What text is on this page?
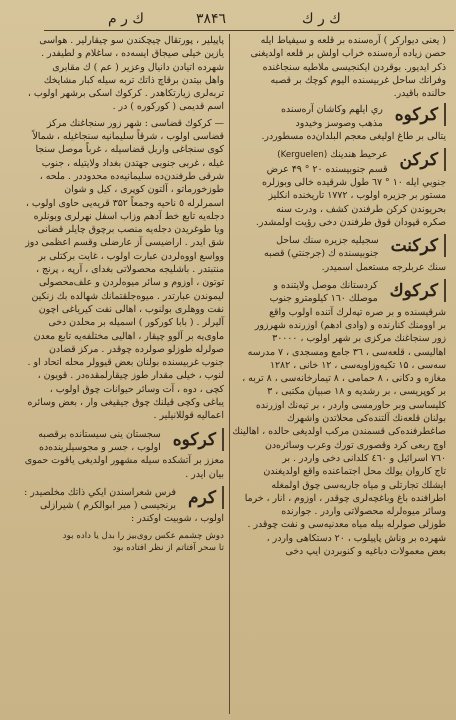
ك ر م	۳۸۴٦	ك ر ك
( يعنى ديواركر ) آرەسندە بر قلعه و سيفياط ايلە
حصن زياده آرەسندە خراب اولش بر قلعه اولديغنى
ذكر ايديور. بوقردن ايكنجيسى ملاطيه سنجاغنده
وفراتك ساحل غربيسنده اليوم كوچك بر قصبه
حالنده باقيدر.
كركوه
ري ايلهم وكاشان آرەسنده
مذهب وصوسز وخيدود
يتالى بر طاغ اوليغى معجم البلدان‌ده مسطوردر.
كركن
عرحيط هندينك (Kerguelen)
قسم جنوبيسنده ۲۰ ° ۴۹ عرض
جنوبي ايله ۱۰ ° ٦٧ طول شرقيده خالى وبوزلره
مستور بر جزيره اولوب ، ۱۷۷۲ تاريخنده انكليز
بحريوندن كركن طرفندن كشف ، ودرت سنه
صكره قپودان قوق طرفندن دخى رؤيت اولمشدر.
كركنت
سجيليه جزيره سنك ساحل
جنوبيسنده ك (جرجنتي) قصبه
سنك عربلرجه مستعمل اسميدر.
كركوك
كردستانك موصل ولايتنده و
موصلك ١٦٠ كيلومترو جنوب
شرقيسنده و بر صره تپه‌لرك آتنده اولوب واقع
بر اوومنك كنارنده و (وادى ادهم) اوزرنده شهرزور
زور سنجاغنك مركزى بر شهر اولوب ، ۳۰۰۰۰
اهاليسى ، قلعه‌سى ، ۳٦ جامع ومسجدى ، ۷ مدرسه
سه‌سى ، ۱۵ تكيه‌وزاويه‌سى ، ۱۲ خانى ، ۱۲۸۲
مغازه و دكانى ، ۸ حمامى ، ۸ تيمارخانه‌سى ، ۸ تربه ،
بر كوپريسى ، بر رشديه و ۱۸ صبيان مكتبى ، ۳
كليساسى وبر حاورمسى واردر ، بر تپه‌نك اوزرنده
بولنان قلعه‌نك آلتنده‌كى محلاتدن واشهرك
صاغطرفنده‌كى قسمندن مركب اولديغى حالده ، اهالينك
اوچ ربعى كرد وقصورى تورك وعرب وسائره‌دن
٧٦٠ اسرائيل و ٤٦٠ كلدانى دخى واردر . بر
تاج كاروان يولك محل اجتماعنده واقع اولديغندن
ايشلك تجارتلى و مياه جاريه‌سى چوق اولمغله
اطرافنده باغ وباغچه‌لرى چوقدر ، اوزوم ، انار ، خرما
وسائر ميوه‌لرله محصولاتى واردر . جوارنده
طوزلى صولرله بيله مياه معدنيه‌سى و نفت چوقدر .
شهرده بر وناش پاپيلوب ، ٢٠ دستكاهى واردر ،
بعض معمولات دباغيه و كنوبردن ايپ دخى
پاپيلير ، پورتقال چيچكندن سو چيقارلير . هواسى
يازين خيلى صيجاق ايسه‌ده ، ساغلام و لطيفدر .
شهرده اتيادن دانيال وعزير ( عم ) ك مقابرى
واهل بيتدن برقاچ ذاتك تربه سيله كبار مشايخك
تربه‌لرى زيارتكاهدر . كركوك اسكى برشهر اولوب ،
اسم قديمى ( كوركوره ) در .
— كركوك قضاسى : شهر زور سنجاغنك مركز
قضاسى اولوب ، شرقاً سليمانيه سنجاغيله ، شمالاً
كوى سنجاغى واربل قضاسيله ، غرباً موصل سنجا
غيله ، غربى جنوبى جهتدن بغداد ولايتيله ، جنوب
شرقى طرفندن‌ده سليمانيه‌ده محدوددر . ملحه ،
طوزخورماتو ، آلتون كوپرى ، كيل و شوان
اسمرلرله ٥ ناحيه وجمعاً ۳۵۲ قريه‌يى حاوى اولوب ،
دجله‌يه تابع خط آدهم وزاب اسفل نهرلرى وبونلره
ويا طوغريدن دجله‌يه منصب برچوق چايلر قضانى
شق ايدر . اراضيسى آز عارضلى وقسم اعظمى دوز
وواسع اووه‌لردن عبارت اولوب ، غايت بركتلى بر
منتبتدر . باشليجه محصولاتى بغداى ، آرپه ، پرنج ،
توتون ، اوزوم و سائر ميوه‌لردن و علف‌محصولى
ليموندن عبارتدر . ميوه‌جلقتمانك شهالده بك زنكين
نفت ووهلرى بولنوب ، اهالى نفت كيرياغى اچون
آليرلر . ( بابا كوركور ) اسميله بر محلدن دخى
ماوى‌يه بر آلوو چيقار ، اهاليى مختلفه‌يه تابع معدن
صولرله طوزلو صولرده چوقدر . مركز قضادن
جنوب غربيسنده بولنان بعض قيوولر محله اتحاد او .
لنوب ، خيلى مقدار طوز چيقارلمقده‌در . قويون ،
كچى ، دوه ، آت وسائر حيوانات چوق اولوب ،
يباغى وكچى قيلنك چوق جيقيغى وار ، بعض وسائره
اعماليه قوللانيلير .
كركوه
سجستان ينى سيستانده برقصبه
اولوب ، جسر و مجوسيلرينده‌ده
معزز بر آتشكده سيله مشهور اولديغى ياقوت حموى
بيان ايدر .
كرم
فرس شعراسندن ايكي ذاتك مخلصيدر :
برنجيسى ( مير ابوالكرم ) شيرازلى
اولوب ، شوبيت اوكندر :
دوش چشمم عكس روى‌بيز را بدل يا داده بود
تا سحر آفتاتم از نظر افتاده بود
